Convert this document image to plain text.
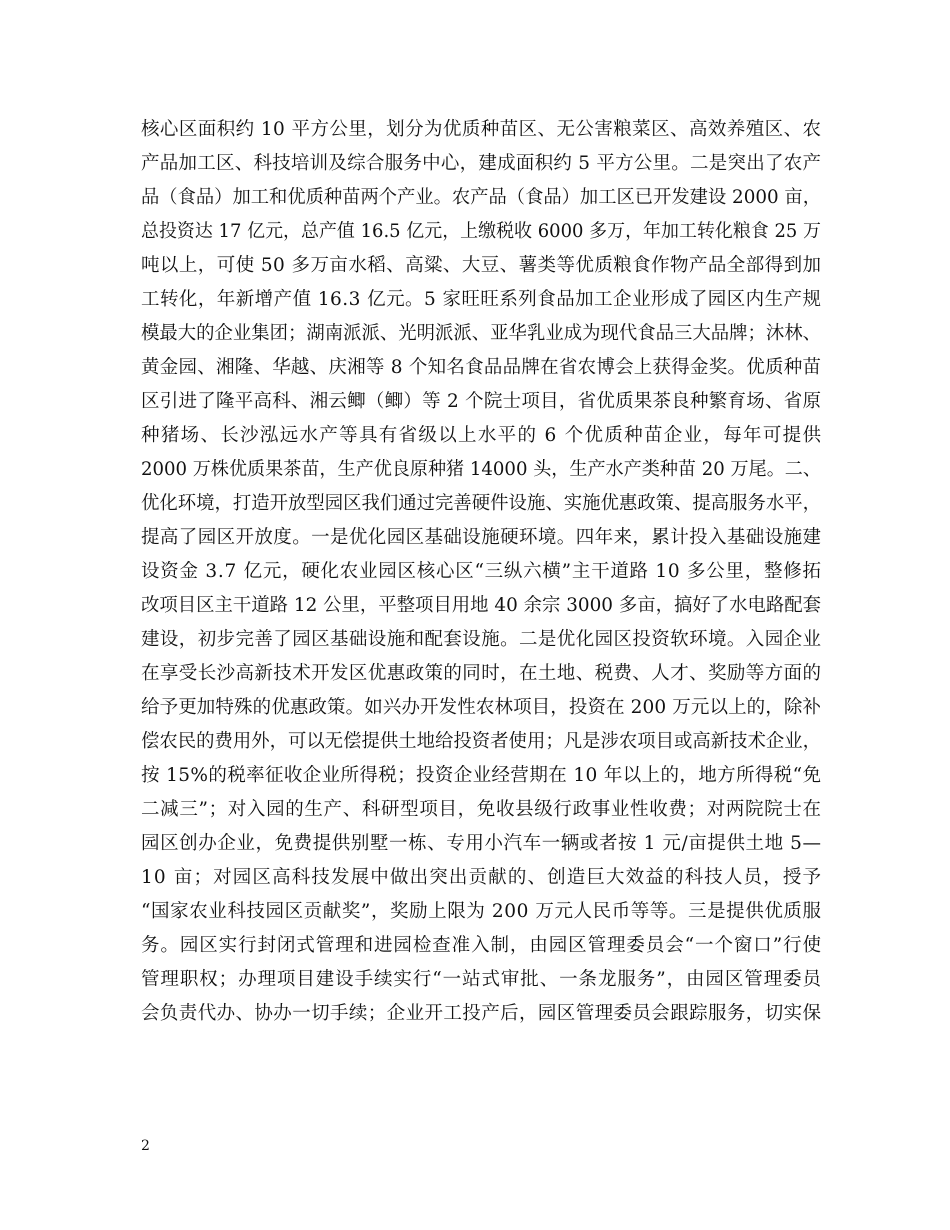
核心区面积约 10 平方公里，划分为优质种苗区、无公害粮菜区、高效养殖区、农
产品加工区、科技培训及综合服务中心，建成面积约 5 平方公里。二是突出了农产
品（食品）加工和优质种苗两个产业。农产品（食品）加工区已开发建设 2000 亩，
总投资达 17 亿元，总产值 16.5 亿元，上缴税收 6000 多万，年加工转化粮食 25 万
吨以上，可使 50 多万亩水稻、高粱、大豆、薯类等优质粮食作物产品全部得到加
工转化，年新增产值 16.3 亿元。5 家旺旺系列食品加工企业形成了园区内生产规
模最大的企业集团；湖南派派、光明派派、亚华乳业成为现代食品三大品牌；沐林、
黄金园、湘隆、华越、庆湘等 8 个知名食品品牌在省农博会上获得金奖。优质种苗
区引进了隆平高科、湘云鲫（鲫）等 2 个院士项目，省优质果茶良种繁育场、省原
种猪场、长沙泓远水产等具有省级以上水平的 6 个优质种苗企业，每年可提供
2000 万株优质果茶苗，生产优良原种猪 14000 头，生产水产类种苗 20 万尾。二、
优化环境，打造开放型园区我们通过完善硬件设施、实施优惠政策、提高服务水平，
提高了园区开放度。一是优化园区基础设施硬环境。四年来，累计投入基础设施建
设资金 3.7 亿元，硬化农业园区核心区“三纵六横”主干道路 10 多公里，整修拓
改项目区主干道路 12 公里，平整项目用地 40 余宗 3000 多亩，搞好了水电路配套
建设，初步完善了园区基础设施和配套设施。二是优化园区投资软环境。入园企业
在享受长沙高新技术开发区优惠政策的同时，在土地、税费、人才、奖励等方面的
给予更加特殊的优惠政策。如兴办开发性农林项目，投资在 200 万元以上的，除补
偿农民的费用外，可以无偿提供土地给投资者使用；凡是涉农项目或高新技术企业，
按 15%的税率征收企业所得税；投资企业经营期在 10 年以上的，地方所得税“免
二减三”；对入园的生产、科研型项目，免收县级行政事业性收费；对两院院士在
园区创办企业，免费提供别墅一栋、专用小汽车一辆或者按 1 元/亩提供土地 5—
10 亩；对园区高科技发展中做出突出贡献的、创造巨大效益的科技人员，授予
“国家农业科技园区贡献奖”，奖励上限为 200 万元人民币等等。三是提供优质服
务。园区实行封闭式管理和进园检查准入制，由园区管理委员会“一个窗口”行使
管理职权；办理项目建设手续实行“一站式审批、一条龙服务”，由园区管理委员
会负责代办、协办一切手续；企业开工投产后，园区管理委员会跟踪服务，切实保
2
